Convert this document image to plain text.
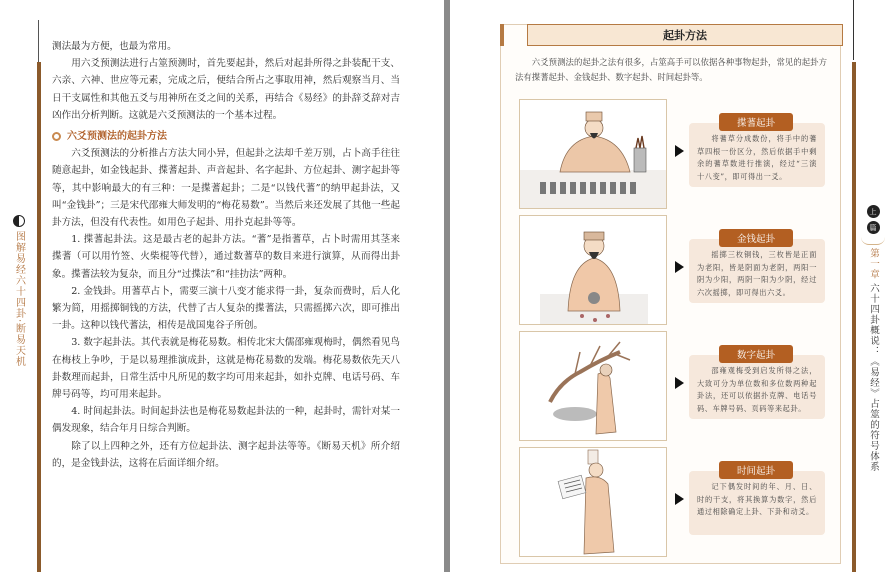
图解易经六十四卦·断易天机

测法最为方便，也最为常用。

用六爻预测法进行占筮预测时，首先要起卦，然后对起卦所得之卦装配干支、六亲、六神、世应等元素，完成之后，便结合所占之事取用神，然后观察当月、当日干支属性和其他五爻与用神所在爻之间的关系，再结合《易经》的卦辞爻辞对吉凶作出分析判断。这就是六爻预测法的一个基本过程。

六爻预测法的起卦方法

六爻预测法的分析推占方法大同小异，但起卦之法却千差万别，占卜高手往往随意起卦，如金钱起卦、揲蓍起卦、声音起卦、名字起卦、方位起卦、测字起卦等等，其中影响最大的有三种：一是揲蓍起卦；二是“以钱代蓍”的纳甲起卦法，又叫“金钱卦”；三是宋代邵雍大师发明的“梅花易数”。当然后来还发展了其他一些起卦方法，但没有代表性。如用色子起卦、用扑克起卦等等。

1. 揲蓍起卦法。这是最古老的起卦方法。“蓍”是指蓍草，占卜时需用其茎来揲蓍（可以用竹签、火柴棍等代替），通过数蓍草的数目来进行演算，从而得出卦象。揲蓍法较为复杂，而且分“过揲法”和“挂扐法”两种。

2. 金钱卦。用蓍草占卜，需要三演十八变才能求得一卦，复杂而费时，后人化繁为简，用摇掷铜钱的方法，代替了古人复杂的揲蓍法，只需摇掷六次，即可推出一卦。这种以钱代蓍法，相传是战国鬼谷子所创。

3. 数字起卦法。其代表就是梅花易数。相传北宋大儒邵雍观梅时，偶然看见鸟在梅枝上争吵，于是以易理推演成卦，这就是梅花易数的发端。梅花易数依先天八卦数理而起卦，日常生活中凡所见的数字均可用来起卦，如扑克牌、电话号码、车牌号码等，均可用来起卦。

4. 时间起卦法。时间起卦法也是梅花易数起卦法的一种，起卦时，需针对某一偶发现象，结合年月日综合判断。

除了以上四种之外，还有方位起卦法、测字起卦法等等。《断易天机》所介绍的，是金钱卦法，这将在后面详细介绍。

上
篇
第一章
六十四卦概说：《易经》占筮的符号体系
起卦方法
六爻预测法的起卦之法有很多，占筮高手可以依据各种事物起卦，常见的起卦方法有揲蓍起卦、金钱起卦、数字起卦、时间起卦等。
揲蓍起卦
将蓍草分成数份，将手中的蓍草四根一份区分，然后依据手中剩余的蓍草数进行推演，经过“三演十八变”，即可得出一爻。
金钱起卦
摇掷三枚铜钱，三枚皆是正面为老阳，皆是阴面为老阴，两阳一阴为少阳，两阴一阳为少阴，经过六次摇掷，即可得出六爻。
数字起卦
邵雍观梅受到启发所得之法，大致可分为单位数和多位数两种起卦法，还可以依据扑克牌、电话号码、车牌号码、页码等来起卦。
时间起卦
记下偶发时间的年、月、日、时的干支，将其换算为数字，然后通过相除确定上卦、下卦和动爻。
